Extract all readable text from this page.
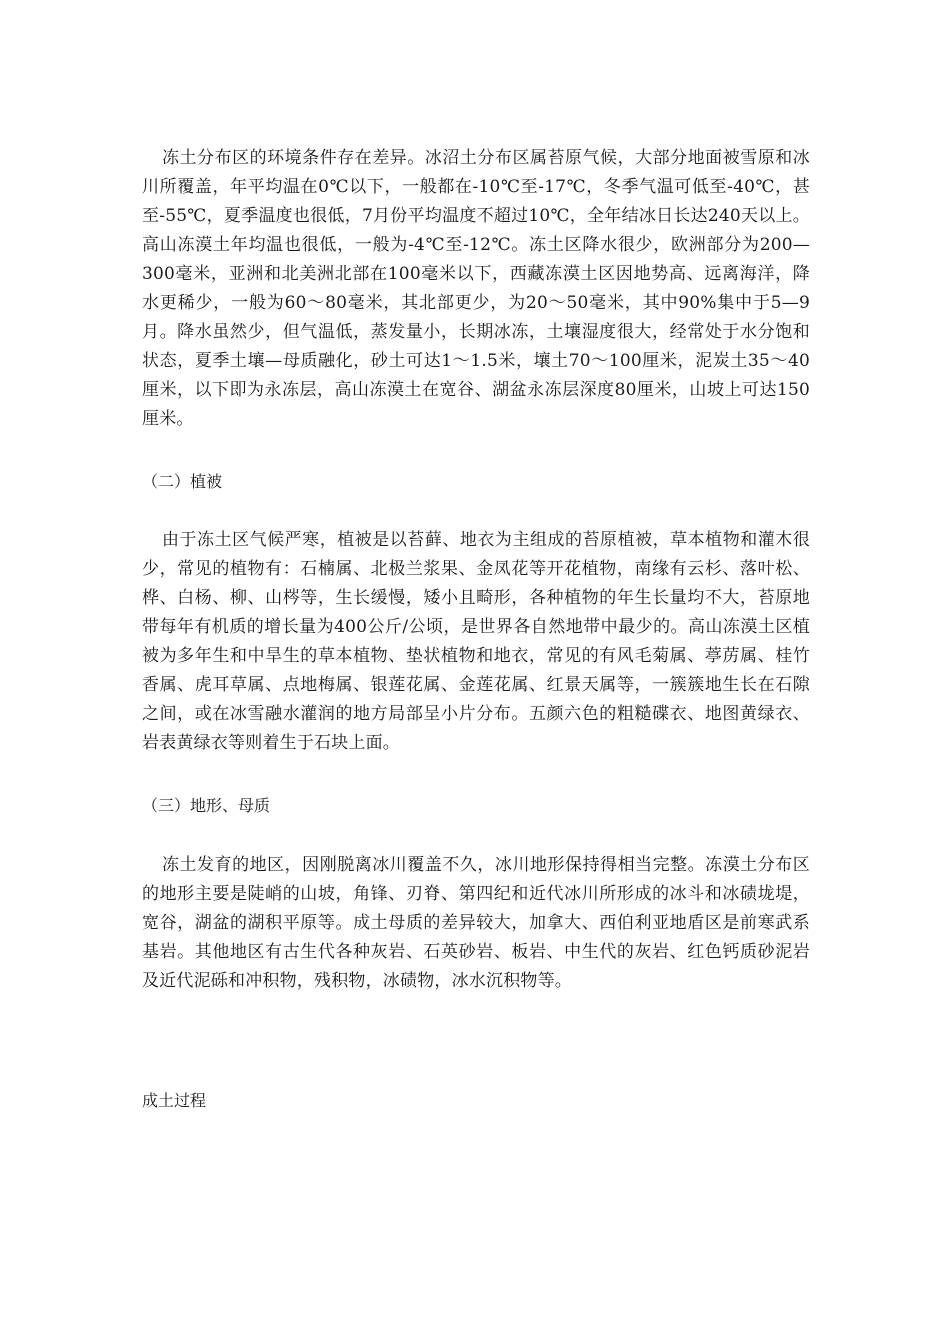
冻土分布区的环境条件存在差异。冰沼土分布区属苔原气候，大部分地面被雪原和冰川所覆盖，年平均温在0℃以下，一般都在-10℃至-17℃，冬季气温可低至-40℃，甚至-55℃，夏季温度也很低，7月份平均温度不超过10℃，全年结冰日长达240天以上。高山冻漠土年均温也很低，一般为-4℃至-12℃。冻土区降水很少，欧洲部分为200—300毫米，亚洲和北美洲北部在100毫米以下，西藏冻漠土区因地势高、远离海洋，降水更稀少，一般为60～80毫米，其北部更少，为20～50毫米，其中90%集中于5—9月。降水虽然少，但气温低，蒸发量小，长期冰冻，土壤湿度很大，经常处于水分饱和状态，夏季土壤—母质融化，砂土可达1～1.5米，壤土70～100厘米，泥炭土35～40厘米，以下即为永冻层，高山冻漠土在宽谷、湖盆永冻层深度80厘米，山坡上可达150厘米。

（二）植被

由于冻土区气候严寒，植被是以苔藓、地衣为主组成的苔原植被，草本植物和灌木很少，常见的植物有：石楠属、北极兰浆果、金凤花等开花植物，南缘有云杉、落叶松、桦、白杨、柳、山梣等，生长缓慢，矮小且畸形，各种植物的年生长量均不大，苔原地带每年有机质的增长量为400公斤/公顷，是世界各自然地带中最少的。高山冻漠土区植被为多年生和中旱生的草本植物、垫状植物和地衣，常见的有风毛菊属、葶苈属、桂竹香属、虎耳草属、点地梅属、银莲花属、金莲花属、红景天属等，一簇簇地生长在石隙之间，或在冰雪融水灌润的地方局部呈小片分布。五颜六色的粗糙碟衣、地图黄绿衣、岩表黄绿衣等则着生于石块上面。

（三）地形、母质

冻土发育的地区，因刚脱离冰川覆盖不久，冰川地形保持得相当完整。冻漠土分布区的地形主要是陡峭的山坡，角锋、刃脊、第四纪和近代冰川所形成的冰斗和冰碛垅堤，宽谷，湖盆的湖积平原等。成土母质的差异较大，加拿大、西伯利亚地盾区是前寒武系基岩。其他地区有古生代各种灰岩、石英砂岩、板岩、中生代的灰岩、红色钙质砂泥岩及近代泥砾和冲积物，残积物，冰碛物，冰水沉积物等。

成土过程
